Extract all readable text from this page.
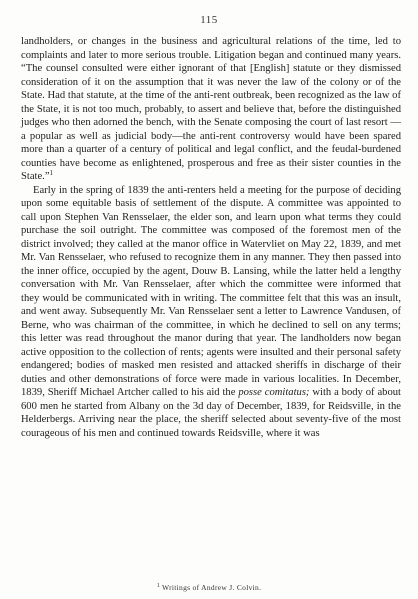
115

landholders, or changes in the business and agricultural relations of the time, led to complaints and later to more serious trouble. Litigation began and continued many years. “The counsel consulted were either ignorant of that [English] statute or they dismissed consideration of it on the assumption that it was never the law of the colony or of the State. Had that statute, at the time of the anti-rent outbreak, been recognized as the law of the State, it is not too much, probably, to assert and believe that, before the distinguished judges who then adorned the bench, with the Senate composing the court of last resort —a popular as well as judicial body—the anti-rent controversy would have been spared more than a quarter of a century of political and legal conflict, and the feudal-burdened counties have become as enlightened, prosperous and free as their sister counties in the State.”$^1$

Early in the spring of 1839 the anti-renters held a meeting for the purpose of deciding upon some equitable basis of settlement of the dispute. A committee was appointed to call upon Stephen Van Rensselaer, the elder son, and learn upon what terms they could purchase the soil outright. The committee was composed of the foremost men of the district involved; they called at the manor office in Watervliet on May 22, 1839, and met Mr. Van Rensselaer, who refused to recognize them in any manner. They then passed into the inner office, occupied by the agent, Douw B. Lansing, while the latter held a lengthy conversation with Mr. Van Rensselaer, after which the committee were informed that they would be communicated with in writing. The committee felt that this was an insult, and went away. Subsequently Mr. Van Rensselaer sent a letter to Lawrence Vandusen, of Berne, who was chairman of the committee, in which he declined to sell on any terms; this letter was read throughout the manor during that year. The landholders now began active opposition to the collection of rents; agents were insulted and their personal safety endangered; bodies of masked men resisted and attacked sheriffs in discharge of their duties and other demonstrations of force were made in various localities. In December, 1839, Sheriff Michael Artcher called to his aid the posse comitatus; with a body of about 600 men he started from Albany on the 3d day of December, 1839, for Reidsville, in the Helderbergs. Arriving near the place, the sheriff selected about seventy-five of the most courageous of his men and continued towards Reidsville, where it was

$^1$ Writings of Andrew J. Colvin.
